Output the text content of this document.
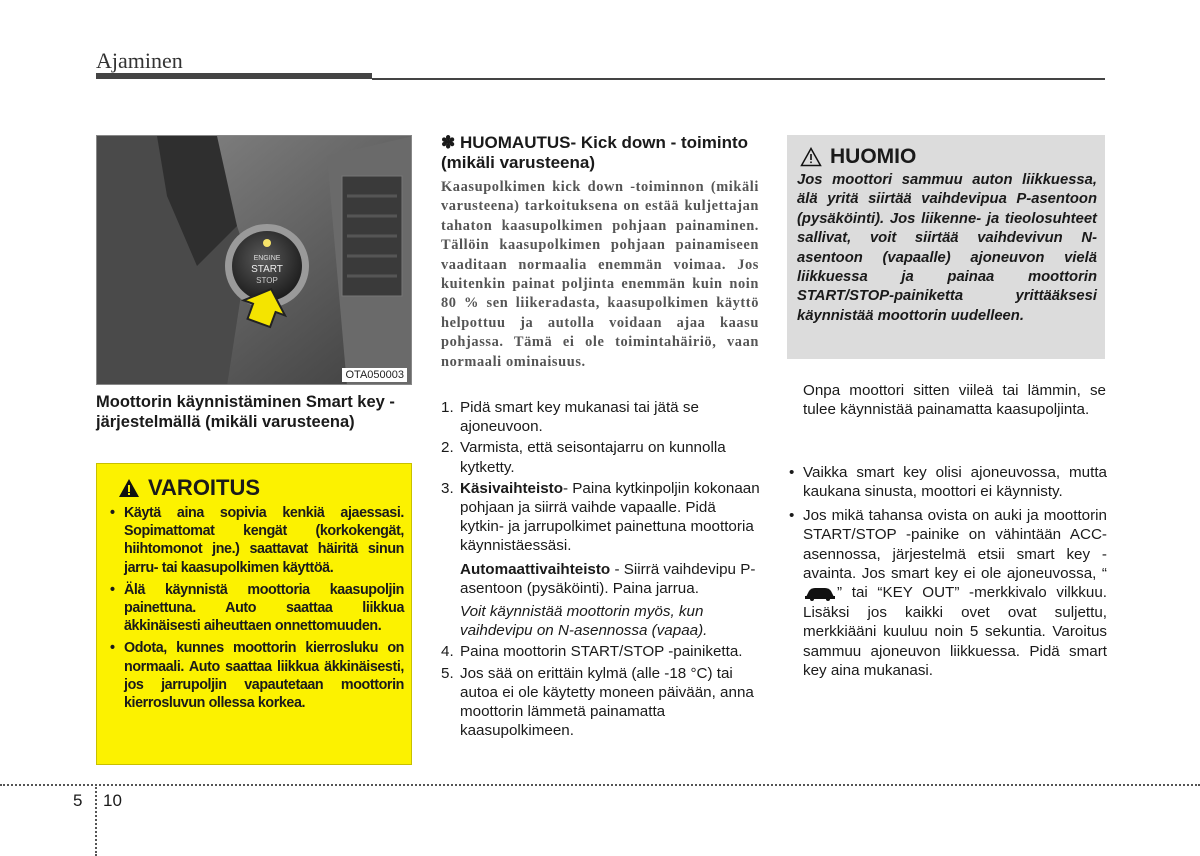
Ajaminen
ENGINE
START
STOP
OTA050003
Moottorin käynnistäminen Smart key -järjestelmällä (mikäli varusteena)
VAROITUS
• Käytä aina sopivia kenkiä ajaessasi. Sopimattomat kengät (korkokengät, hiihtomonot jne.) saattavat häiritä sinun jarru- tai kaasupolkimen käyttöä.
• Älä käynnistä moottoria kaasupoljin painettuna. Auto saattaa liikkua äkkinäisesti aiheuttaen onnettomuuden.
• Odota, kunnes moottorin kierrosluku on normaali. Auto saattaa liikkua äkkinäisesti, jos jarrupoljin vapautetaan moottorin kierrosluvun ollessa korkea.
✽ HUOMAUTUS- Kick down - toiminto (mikäli varusteena)
Kaasupolkimen kick down -toiminnon (mikäli varusteena) tarkoituksena on estää kuljettajan tahaton kaasupolkimen pohjaan painaminen. Tällöin kaasupolkimen pohjaan painamiseen vaaditaan normaalia enemmän voimaa. Jos kuitenkin painat poljinta enemmän kuin noin 80 % sen liikeradasta, kaasupolkimen käyttö helpottuu ja autolla voidaan ajaa kaasu pohjassa. Tämä ei ole toimintahäiriö, vaan normaali ominaisuus.
1. Pidä smart key mukanasi tai jätä se ajoneuvoon.
2. Varmista, että seisontajarru on kunnolla kytketty.
3. Käsivaihteisto- Paina kytkinpoljin kokonaan pohjaan ja siirrä vaihde vapaalle. Pidä kytkin- ja jarrupolkimet painettuna moottoria käynnistäessäsi.
Automaattivaihteisto - Siirrä vaihdevipu P-asentoon (pysäköinti). Paina jarrua.
Voit käynnistää moottorin myös, kun vaihdevipu on N-asennossa (vapaa).
4. Paina moottorin START/STOP -painiketta.
5. Jos sää on erittäin kylmä (alle -18 °C) tai autoa ei ole käytetty moneen päivään, anna moottorin lämmetä painamatta kaasupolkimeen.
HUOMIO
Jos moottori sammuu auton liikkuessa, älä yritä siirtää vaihdevipua P-asentoon (pysäköinti). Jos liikenne- ja tieolosuhteet sallivat, voit siirtää vaihdevivun N-asentoon (vapaalle) ajoneuvon vielä liikkuessa ja painaa moottorin START/STOP-painiketta yrittääksesi käynnistää moottorin uudelleen.
Onpa moottori sitten viileä tai lämmin, se tulee käynnistää painamatta kaasupoljinta.
• Vaikka smart key olisi ajoneuvossa, mutta kaukana sinusta, moottori ei käynnisty.
• Jos mikä tahansa ovista on auki ja moottorin START/STOP -painike on vähintään ACC-asennossa, järjestelmä etsii smart key -avainta. Jos smart key ei ole ajoneuvossa, “” tai “KEY OUT” -merkkivalo vilkkuu. Lisäksi jos kaikki ovet ovat suljettu, merkkiääni kuuluu noin 5 sekuntia. Varoitus sammuu ajoneuvon liikkuessa. Pidä smart key aina mukanasi.
5 10
